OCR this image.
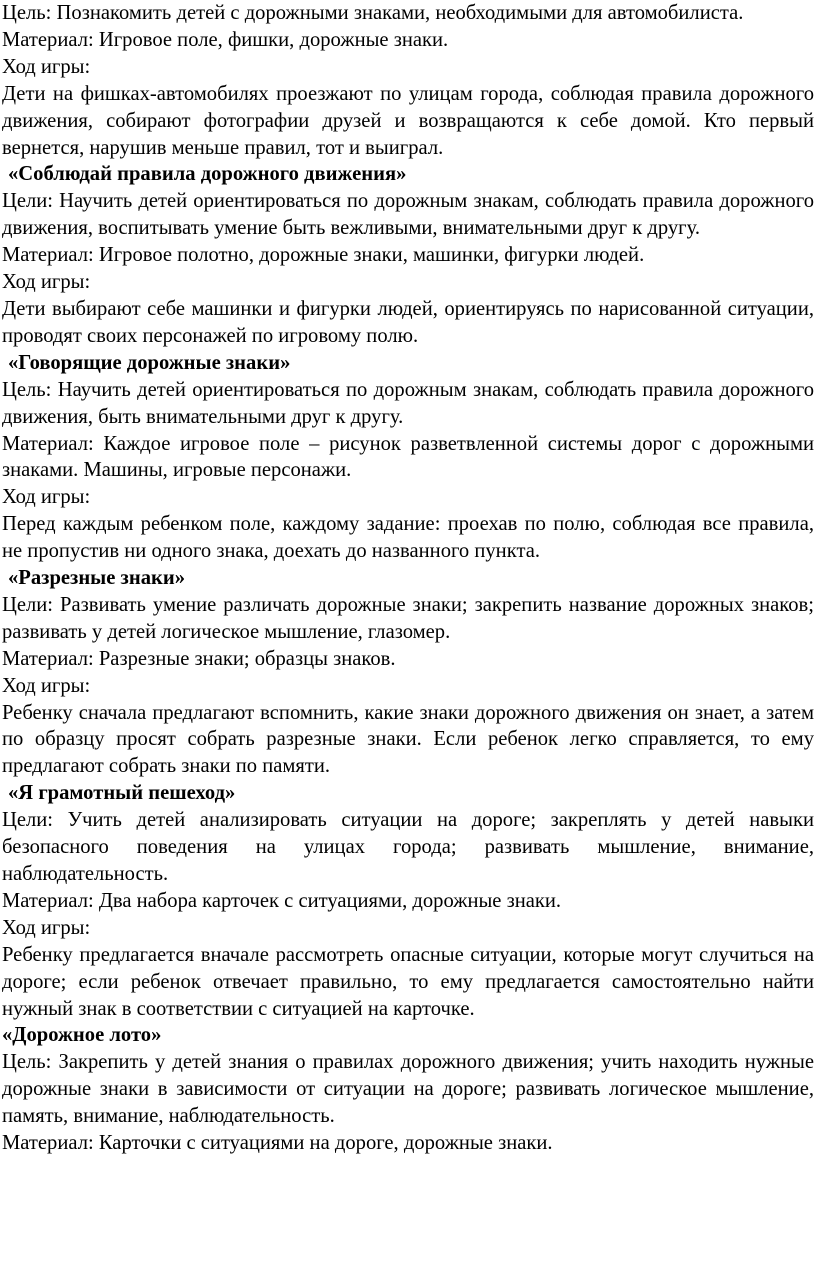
Цель: Познакомить детей с дорожными знаками, необходимыми для автомобилиста.

Материал: Игровое поле, фишки, дорожные знаки.

Ход игры:

Дети на фишках-автомобилях проезжают по улицам города, соблюдая правила дорожного движения, собирают фотографии друзей и возвращаются к себе домой. Кто первый вернется, нарушив меньше правил, тот и выиграл.

«Соблюдай правила дорожного движения»

Цели: Научить детей ориентироваться по дорожным знакам, соблюдать правила дорожного движения, воспитывать умение быть вежливыми, внимательными друг к другу.

Материал: Игровое полотно, дорожные знаки, машинки, фигурки людей.

Ход игры:

Дети выбирают себе машинки и фигурки людей, ориентируясь по нарисованной ситуации, проводят своих персонажей по игровому полю.

«Говорящие дорожные знаки»

Цель: Научить детей ориентироваться по дорожным знакам, соблюдать правила дорожного движения, быть внимательными друг к другу.

Материал: Каждое игровое поле – рисунок разветвленной системы дорог с дорожными знаками. Машины, игровые персонажи.

Ход игры:

Перед каждым ребенком поле, каждому задание: проехав по полю, соблюдая все правила, не пропустив ни одного знака, доехать до названного пункта.

«Разрезные знаки»

Цели: Развивать умение различать дорожные знаки; закрепить название дорожных знаков; развивать у детей логическое мышление, глазомер.

Материал: Разрезные знаки; образцы знаков.

Ход игры:

Ребенку сначала предлагают вспомнить, какие знаки дорожного движения он знает, а затем по образцу просят собрать разрезные знаки. Если ребенок легко справляется, то ему предлагают собрать знаки по памяти.

«Я грамотный пешеход»

Цели: Учить детей анализировать ситуации на дороге; закреплять у детей навыки безопасного поведения на улицах города; развивать мышление, внимание, наблюдательность.

Материал: Два набора карточек с ситуациями, дорожные знаки.

Ход игры:

Ребенку предлагается вначале рассмотреть опасные ситуации, которые могут случиться на дороге; если ребенок отвечает правильно, то ему предлагается самостоятельно найти нужный знак в соответствии с ситуацией на карточке.

«Дорожное лото»

Цель: Закрепить у детей знания о правилах дорожного движения; учить находить нужные дорожные знаки в зависимости от ситуации на дороге; развивать логическое мышление, память, внимание, наблюдательность.

Материал: Карточки с ситуациями на дороге, дорожные знаки.
